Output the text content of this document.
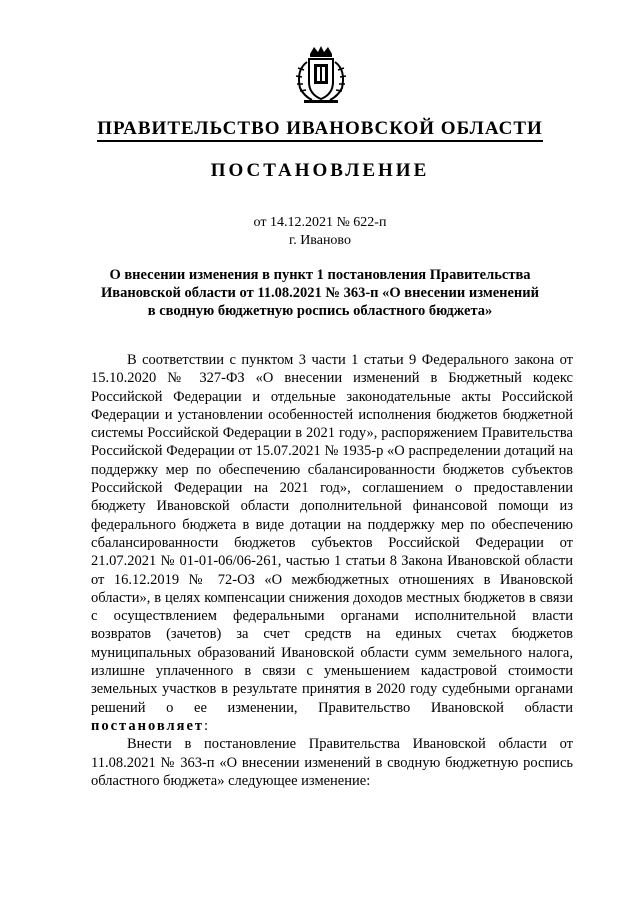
ПРАВИТЕЛЬСТВО ИВАНОВСКОЙ ОБЛАСТИ
ПОСТАНОВЛЕНИЕ
от 14.12.2021 № 622-п
г. Иваново
О внесении изменения в пункт 1 постановления Правительства
Ивановской области от 11.08.2021 № 363-п «О внесении изменений
в сводную бюджетную роспись областного бюджета»

В соответствии с пунктом 3 части 1 статьи 9 Федерального закона от 15.10.2020 № 327-ФЗ «О внесении изменений в Бюджетный кодекс Российской Федерации и отдельные законодательные акты Российской Федерации и установлении особенностей исполнения бюджетов бюджетной системы Российской Федерации в 2021 году», распоряжением Правительства Российской Федерации от 15.07.2021 № 1935-р «О распределении дотаций на поддержку мер по обеспечению сбалансированности бюджетов субъектов Российской Федерации на 2021 год», соглашением о предоставлении бюджету Ивановской области дополнительной финансовой помощи из федерального бюджета в виде дотации на поддержку мер по обеспечению сбалансированности бюджетов субъектов Российской Федерации от 21.07.2021 № 01-01-06/06-261, частью 1 статьи 8 Закона Ивановской области от 16.12.2019 № 72-ОЗ «О межбюджетных отношениях в Ивановской области», в целях компенсации снижения доходов местных бюджетов в связи с осуществлением федеральными органами исполнительной власти возвратов (зачетов) за счет средств на единых счетах бюджетов муниципальных образований Ивановской области сумм земельного налога, излишне уплаченного в связи с уменьшением кадастровой стоимости земельных участков в результате принятия в 2020 году судебными органами решений о ее изменении, Правительство Ивановской области постановляет:

Внести в постановление Правительства Ивановской области от 11.08.2021 № 363-п «О внесении изменений в сводную бюджетную роспись областного бюджета» следующее изменение:
